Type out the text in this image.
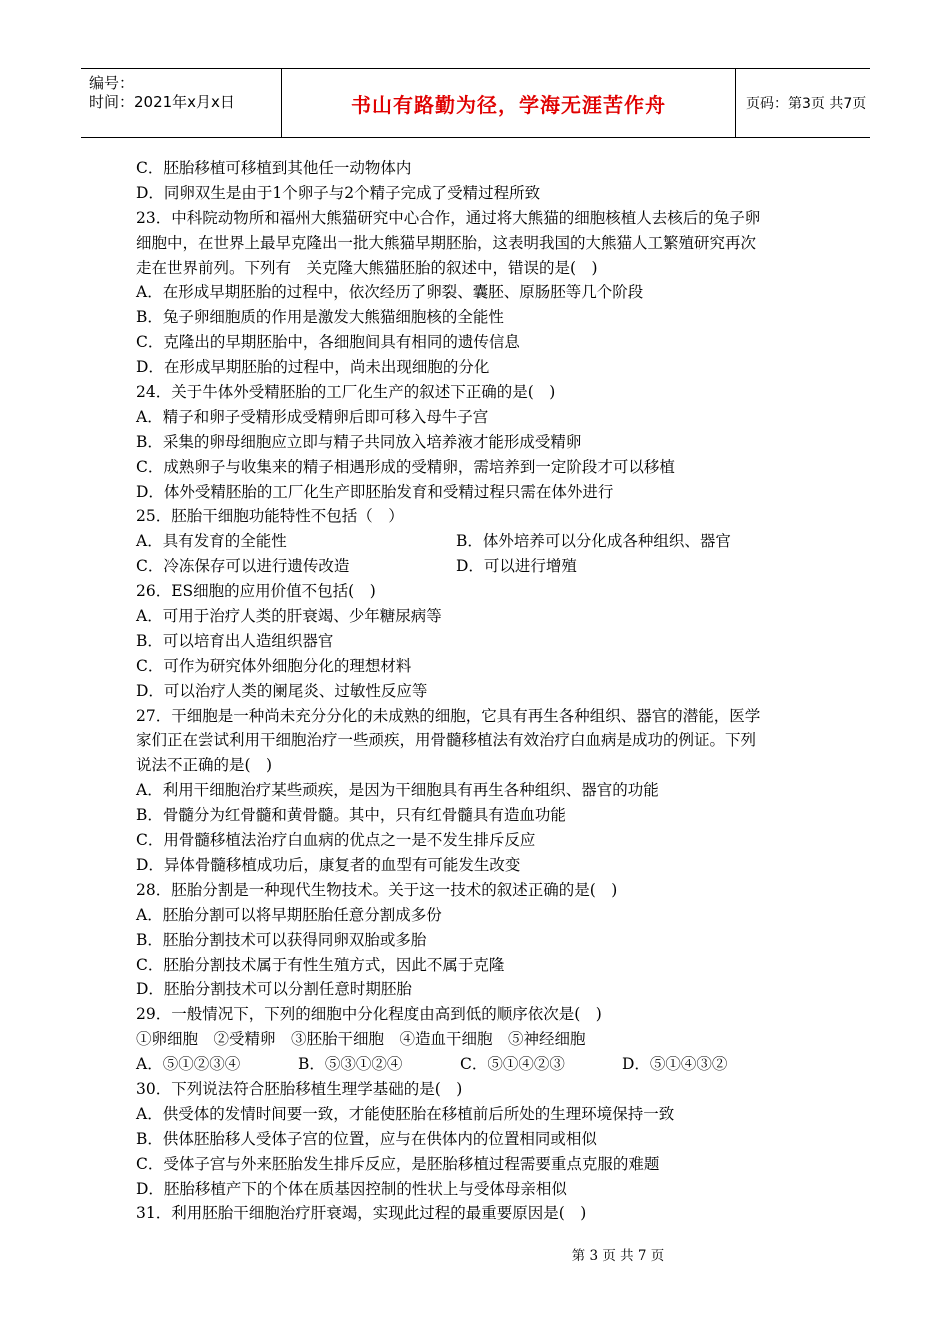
编号：
时间：2021年x月x日	书山有路勤为径，学海无涯苦作舟	页码：第3页 共7页
C．胚胎移植可移植到其他任一动物体内
D．同卵双生是由于1个卵子与2个精子完成了受精过程所致
23．中科院动物所和福州大熊猫研究中心合作，通过将大熊猫的细胞核植人去核后的兔子卵
细胞中，在世界上最早克隆出一批大熊猫早期胚胎，这表明我国的大熊猫人工繁殖研究再次
走在世界前列。下列有　关克隆大熊猫胚胎的叙述中，错误的是(　)
A．在形成早期胚胎的过程中，依次经历了卵裂、囊胚、原肠胚等几个阶段
B．兔子卵细胞质的作用是激发大熊猫细胞核的全能性
C．克隆出的早期胚胎中，各细胞间具有相同的遗传信息
D．在形成早期胚胎的过程中，尚未出现细胞的分化
24．关于牛体外受精胚胎的工厂化生产的叙述下正确的是(　)
A．精子和卵子受精形成受精卵后即可移入母牛子宫
B．采集的卵母细胞应立即与精子共同放入培养液才能形成受精卵
C．成熟卵子与收集来的精子相遇形成的受精卵，需培养到一定阶段才可以移植
D．体外受精胚胎的工厂化生产即胚胎发育和受精过程只需在体外进行
25．胚胎干细胞功能特性不包括（　）
A．具有发育的全能性	B．体外培养可以分化成各种组织、器官
C．冷冻保存可以进行遗传改造	D．可以进行增殖
26．ES细胞的应用价值不包括(　)
A．可用于治疗人类的肝衰竭、少年糖尿病等
B．可以培育出人造组织器官
C．可作为研究体外细胞分化的理想材料
D．可以治疗人类的阑尾炎、过敏性反应等
27．干细胞是一种尚未充分分化的未成熟的细胞，它具有再生各种组织、器官的潜能，医学
家们正在尝试利用干细胞治疗一些顽疾，用骨髓移植法有效治疗白血病是成功的例证。下列
说法不正确的是(　)
A．利用干细胞治疗某些顽疾，是因为干细胞具有再生各种组织、器官的功能
B．骨髓分为红骨髓和黄骨髓。其中，只有红骨髓具有造血功能
C．用骨髓移植法治疗白血病的优点之一是不发生排斥反应
D．异体骨髓移植成功后，康复者的血型有可能发生改变
28．胚胎分割是一种现代生物技术。关于这一技术的叙述正确的是(　)
A．胚胎分割可以将早期胚胎任意分割成多份
B．胚胎分割技术可以获得同卵双胎或多胎
C．胚胎分割技术属于有性生殖方式，因此不属于克隆
D．胚胎分割技术可以分割任意时期胚胎
29．一般情况下，下列的细胞中分化程度由高到低的顺序依次是(　)
①卵细胞　②受精卵　③胚胎干细胞　④造血干细胞　⑤神经细胞
A．⑤①②③④	B．⑤③①②④	C．⑤①④②③	D．⑤①④③②
30．下列说法符合胚胎移植生理学基础的是(　)
A．供受体的发情时间要一致，才能使胚胎在移植前后所处的生理环境保持一致
B．供体胚胎移人受体子宫的位置，应与在供体内的位置相同或相似
C．受体子宫与外来胚胎发生排斥反应，是胚胎移植过程需要重点克服的难题
D．胚胎移植产下的个体在质基因控制的性状上与受体母亲相似
31．利用胚胎干细胞治疗肝衰竭，实现此过程的最重要原因是(　)
第 3 页 共 7 页
